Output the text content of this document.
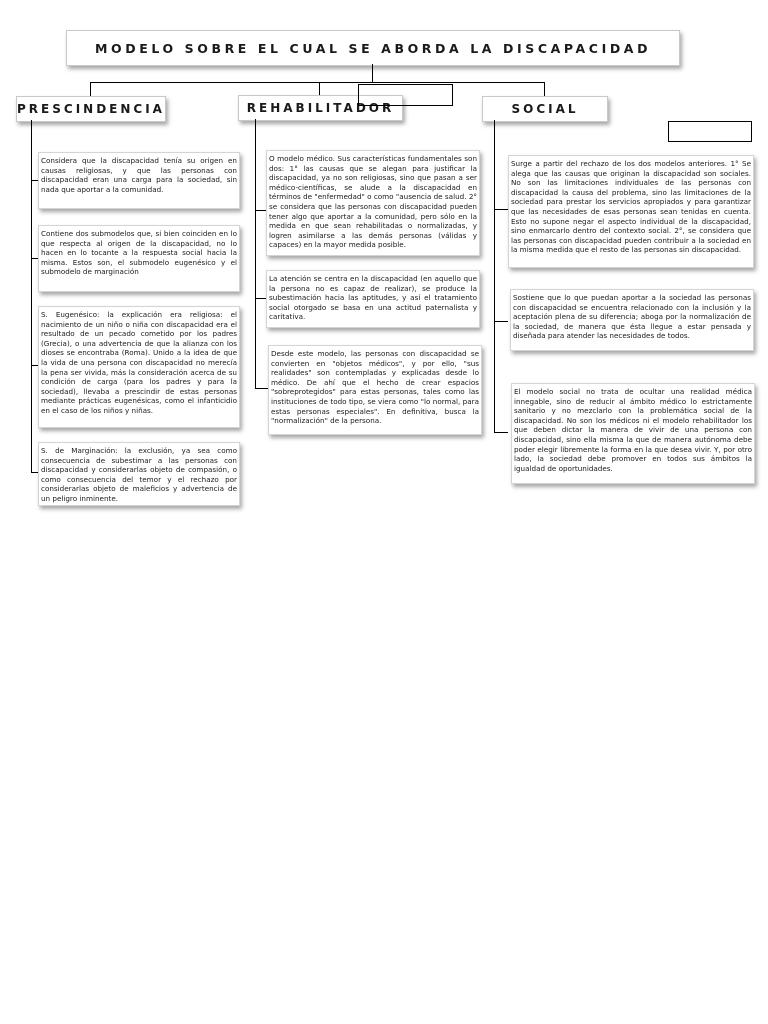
MODELO SOBRE EL CUAL SE ABORDA LA DISCAPACIDAD
PRESCINDENCIA	REHABILITADOR	SOCIAL
Considera que la discapacidad tenía su origen en causas religiosas, y que las personas con discapacidad eran una carga para la sociedad, sin nada que aportar a la comunidad.
Contiene dos submodelos que, si bien coinciden en lo que respecta al origen de la discapacidad, no lo hacen en lo tocante a la respuesta social hacia la misma. Estos son, el submodelo eugenésico y el submodelo de marginación
S. Eugenésico: la explicación era religiosa: el nacimiento de un niño o niña con discapacidad era el resultado de un pecado cometido por los padres (Grecia), o una advertencia de que la alianza con los dioses se encontraba (Roma). Unido a la idea de que la vida de una persona con discapacidad no merecía la pena ser vivida, más la consideración acerca de su condición de carga (para los padres y para la sociedad), llevaba a prescindir de estas personas mediante prácticas eugenésicas, como el infanticidio en el caso de los niños y niñas.
S. de Marginación: la exclusión, ya sea como consecuencia de subestimar a las personas con discapacidad y considerarlas objeto de compasión, o como consecuencia del temor y el rechazo por considerarlas objeto de maleficios y advertencia de un peligro inminente.
O modelo médico. Sus características fundamentales son dos: 1° las causas que se alegan para justificar la discapacidad, ya no son religiosas, sino que pasan a ser médico-científicas, se alude a la discapacidad en términos de "enfermedad" o como "ausencia de salud. 2° se considera que las personas con discapacidad pueden tener algo que aportar a la comunidad, pero sólo en la medida en que sean rehabilitadas o normalizadas, y logren asimilarse a las demás personas (válidas y capaces) en la mayor medida posible.
La atención se centra en la discapacidad (en aquello que la persona no es capaz de realizar), se produce la subestimación hacia las aptitudes, y así el tratamiento social otorgado se basa en una actitud paternalista y caritativa.
Desde este modelo, las personas con discapacidad se convierten en "objetos médicos", y por ello, "sus realidades" son contempladas y explicadas desde lo médico. De ahí que el hecho de crear espacios "sobreprotegidos" para estas personas, tales como las instituciones de todo tipo, se viera como "lo normal, para estas personas especiales". En definitiva, busca la "normalización" de la persona.
Surge a partir del rechazo de los dos modelos anteriores. 1° Se alega que las causas que originan la discapacidad son sociales. No son las limitaciones individuales de las personas con discapacidad la causa del problema, sino las limitaciones de la sociedad para prestar los servicios apropiados y para garantizar que las necesidades de esas personas sean tenidas en cuenta. Esto no supone negar el aspecto individual de la discapacidad, sino enmarcarlo dentro del contexto social. 2°, se considera que las personas con discapacidad pueden contribuir a la sociedad en la misma medida que el resto de las personas sin discapacidad.
Sostiene que lo que puedan aportar a la sociedad las personas con discapacidad se encuentra relacionado con la inclusión y la aceptación plena de su diferencia; aboga por la normalización de la sociedad, de manera que ésta llegue a estar pensada y diseñada para atender las necesidades de todos.
El modelo social no trata de ocultar una realidad médica innegable, sino de reducir al ámbito médico lo estrictamente sanitario y no mezclarlo con la problemática social de la discapacidad. No son los médicos ni el modelo rehabilitador los que deben dictar la manera de vivir de una persona con discapacidad, sino ella misma la que de manera autónoma debe poder elegir libremente la forma en la que desea vivir. Y, por otro lado, la sociedad debe promover en todos sus ámbitos la igualdad de oportunidades.
